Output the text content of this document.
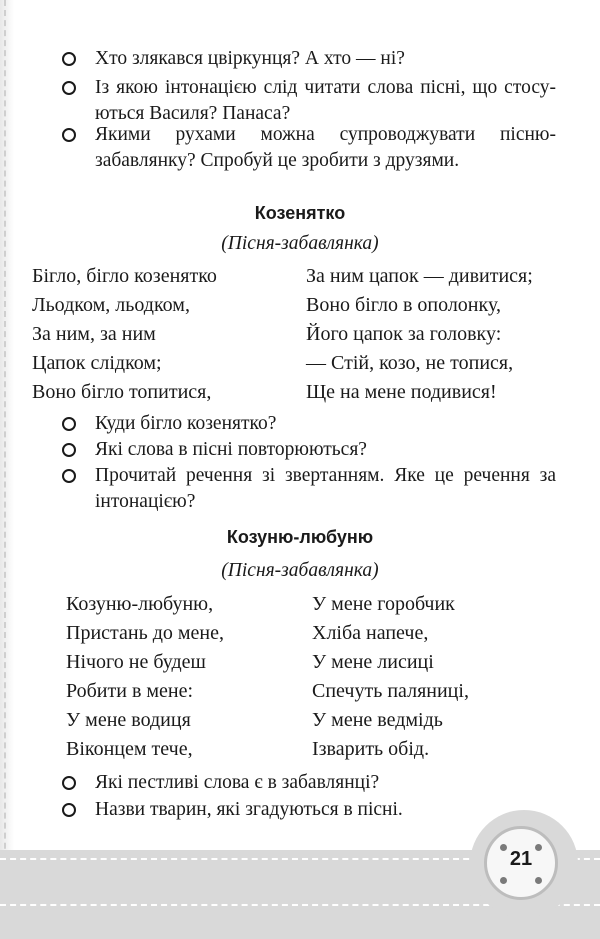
Хто злякався цвіркунця? А хто — ні?
Із якою інтонацією слід читати слова пісні, що стосуються Василя? Панаса?
Якими рухами можна супроводжувати пісню-забавлянку? Спробуй це зробити з друзями.
Козенятко
(Пісня-забавлянка)
Бігло, бігло козенятко
Льодком, льодком,
За ним, за ним
Цапок слідком;
Воно бігло топитися,
За ним цапок — дивитися;
Воно бігло в ополонку,
Його цапок за головку:
— Стій, козо, не топися,
Ще на мене подивися!
Куди бігло козенятко?
Які слова в пісні повторюються?
Прочитай речення зі звертанням. Яке це речення за інтонацією?
Козуню-любуню
(Пісня-забавлянка)
Козуню-любуню,
Пристань до мене,
Нічого не будеш
Робити в мене:
У мене водиця
Віконцем тече,
У мене горобчик
Хліба напече,
У мене лисиці
Спечуть паляниці,
У мене ведмідь
Ізварить обід.
Які пестливі слова є в забавлянці?
Назви тварин, які згадуються в пісні.
21
